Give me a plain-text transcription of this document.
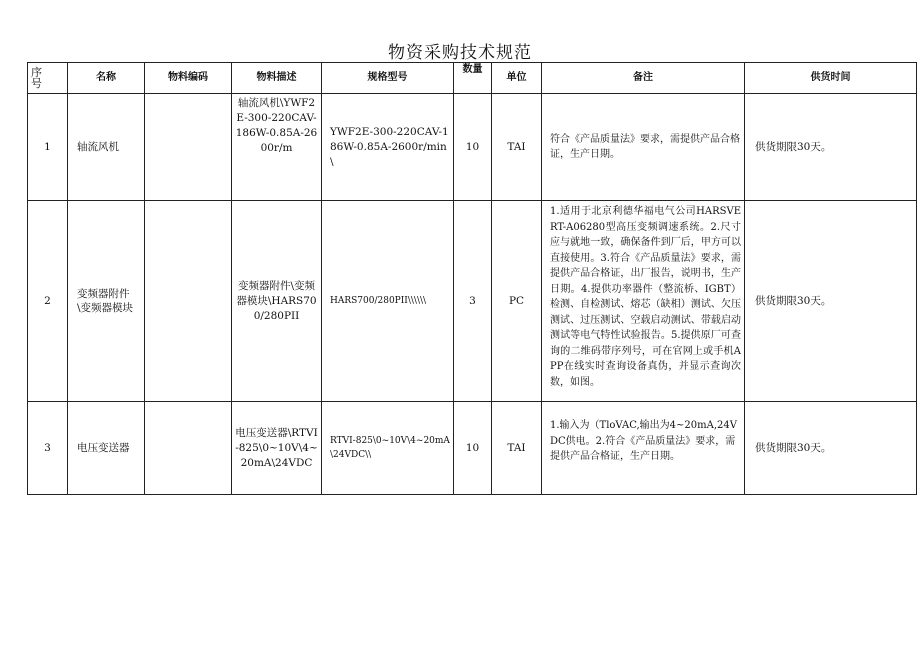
物资采购技术规范
序
号	名称	物料编码	物料描述	规格型号	数量	单位	备注	供货时间
1	轴流风机		轴流风机\YWF2E-300-220CAV-186W-0.85A-2600r/m	YWF2E-300-220CAV-186W-0.85A-2600r/min\	10	TAI	符合《产品质量法》要求，需提供产品合格证，生产日期。	供货期限30天。
2	变频器附件\变频器模块		变频器附件\变频器模块\HARS700/280PII	HARS700/280PII\\\\\\	3	PC	1.适用于北京利德华福电气公司HARSVERT-A06280型高压变频调速系统。2.尺寸应与就地一致，确保备件到厂后，甲方可以直接使用。3.符合《产品质量法》要求，需提供产品合格证，出厂报告，说明书，生产日期。4.提供功率器件（整流桥、IGBT）检测、自检测试、熔芯（缺相）测试、欠压测试、过压测试、空载启动测试、带载启动测试等电气特性试验报告。5.提供原厂可查询的二维码带序列号，可在官网上或手机APP在线实时查询设备真伪，并显示查询次数，如图。	供货期限30天。
3	电压变送器		电压变送器\RTVI-825\0~10V\4~20mA\24VDC	RTVI-825\0~10V\4~20mA\24VDC\\	10	TAI	1.输入为（TloVAC,输出为4~20mA,24VDC供电。2.符合《产品质量法》要求，需提供产品合格证，生产日期。	供货期限30天。
